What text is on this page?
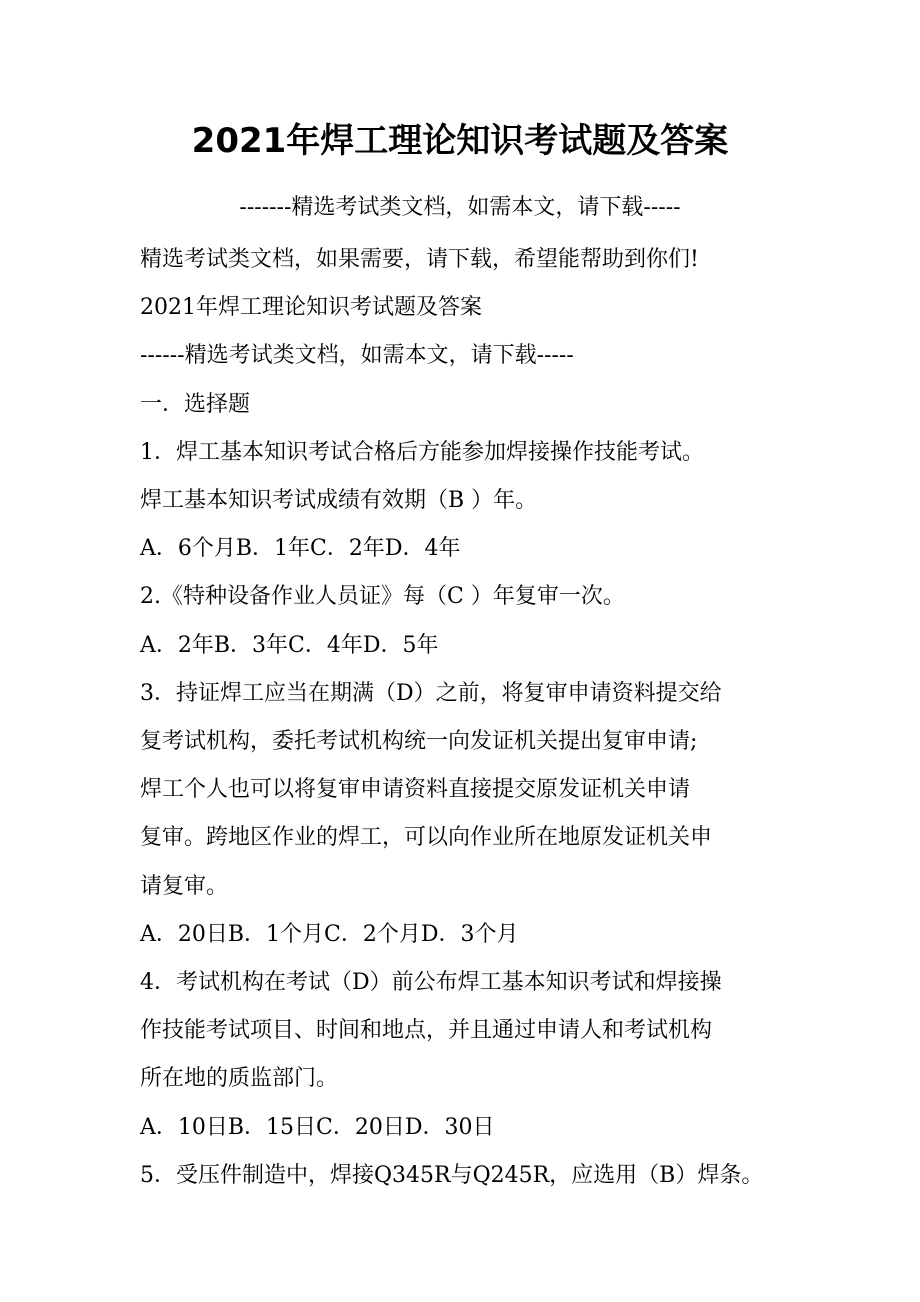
2021年焊工理论知识考试题及答案
-------精选考试类文档，如需本文，请下载-----
精选考试类文档，如果需要，请下载，希望能帮助到你们!
2021年焊工理论知识考试题及答案
------精选考试类文档，如需本文，请下载-----
一．选择题
1．焊工基本知识考试合格后方能参加焊接操作技能考试。
焊工基本知识考试成绩有效期（B ）年。
A．6个月B．1年C．2年D．4年
2.《特种设备作业人员证》每（C ）年复审一次。
A．2年B．3年C．4年D．5年
3．持证焊工应当在期满（D）之前，将复审申请资料提交给
复考试机构，委托考试机构统一向发证机关提出复审申请;
焊工个人也可以将复审申请资料直接提交原发证机关申请
复审。跨地区作业的焊工，可以向作业所在地原发证机关申
请复审。
A．20日B．1个月C．2个月D．3个月
4．考试机构在考试（D）前公布焊工基本知识考试和焊接操
作技能考试项目、时间和地点，并且通过申请人和考试机构
所在地的质监部门。
A．10日B．15日C．20日D．30日
5．受压件制造中，焊接Q345R与Q245R，应选用（B）焊条。
